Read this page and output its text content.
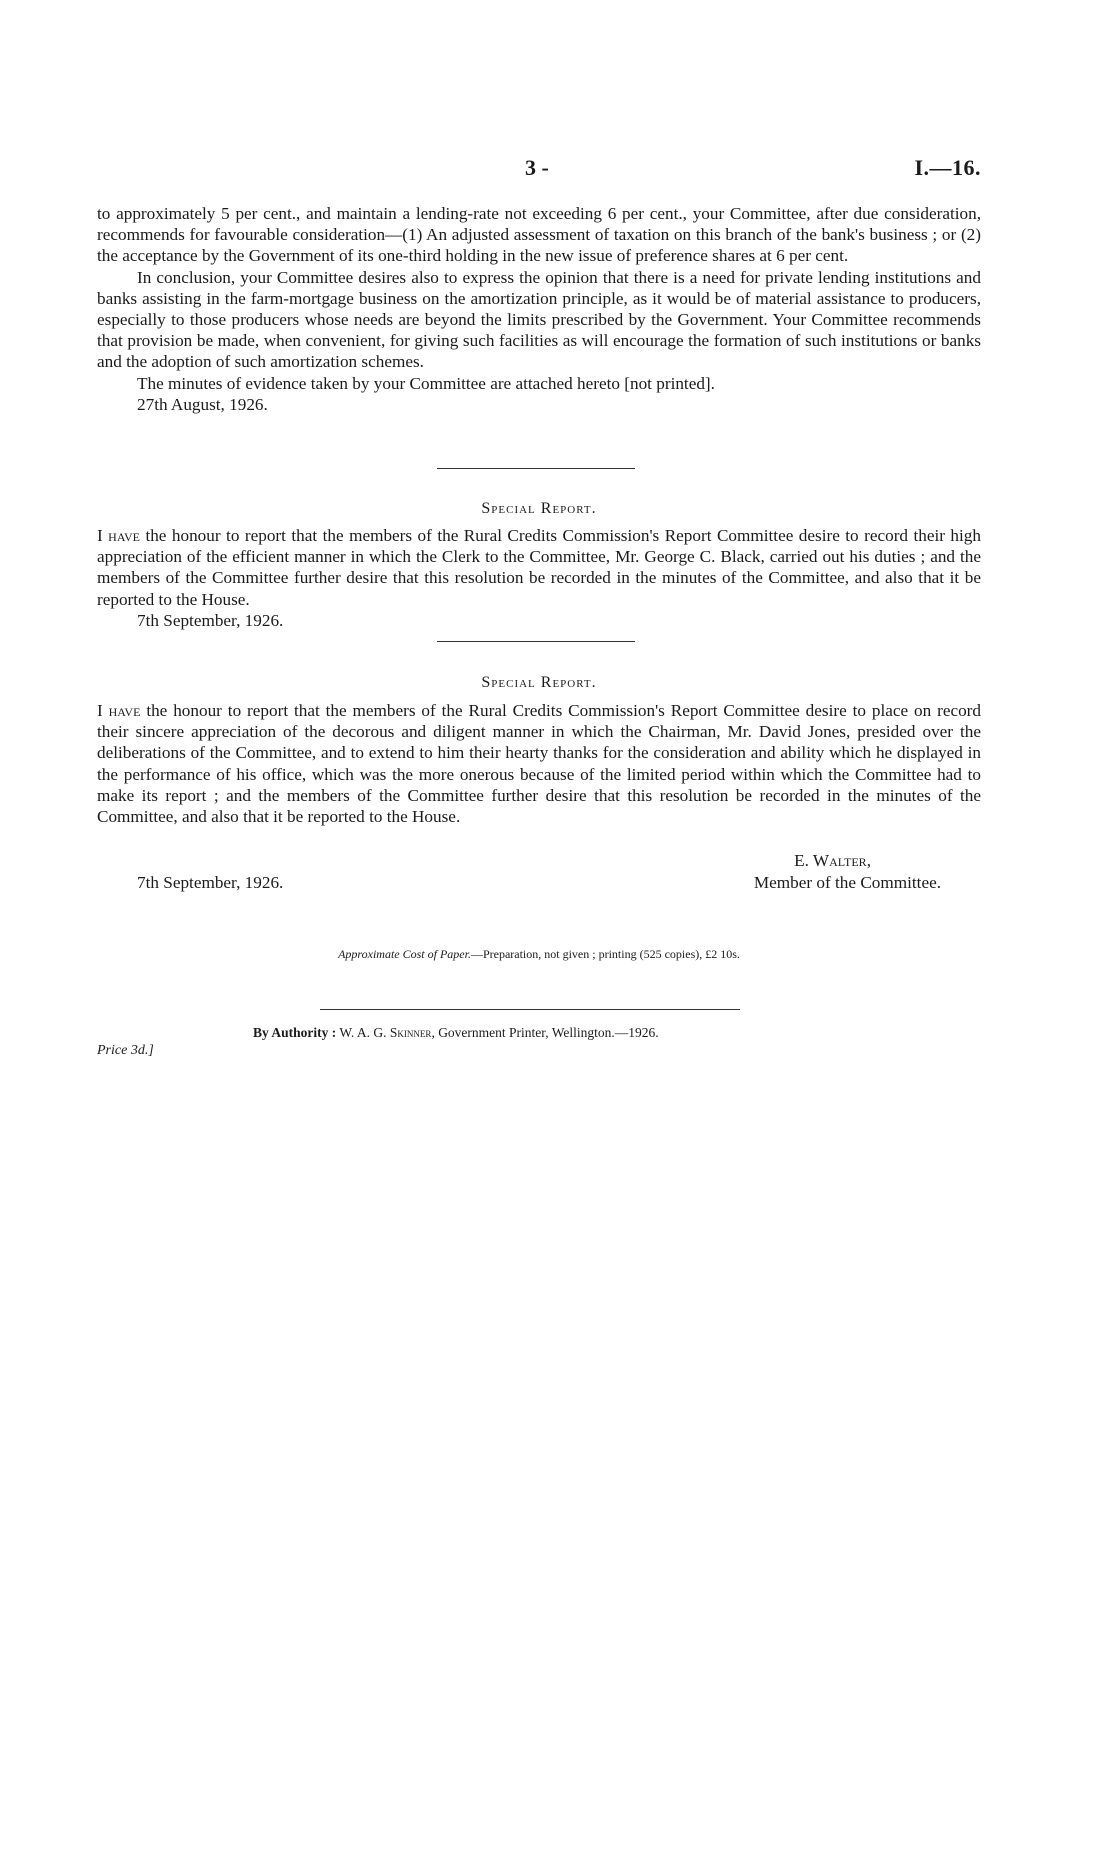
3 -	I.—16.

to approximately 5 per cent., and maintain a lending-rate not exceeding 6 per cent., your Committee, after due consideration, recommends for favourable consideration—(1) An adjusted assessment of taxation on this branch of the bank's business ; or (2) the acceptance by the Government of its one-third holding in the new issue of preference shares at 6 per cent.

In conclusion, your Committee desires also to express the opinion that there is a need for private lending institutions and banks assisting in the farm-mortgage business on the amortization principle, as it would be of material assistance to producers, especially to those producers whose needs are beyond the limits prescribed by the Government. Your Committee recommends that provision be made, when convenient, for giving such facilities as will encourage the formation of such institutions or banks and the adoption of such amortization schemes.

The minutes of evidence taken by your Committee are attached hereto [not printed].

27th August, 1926.

Special Report.

I have the honour to report that the members of the Rural Credits Commission's Report Committee desire to record their high appreciation of the efficient manner in which the Clerk to the Committee, Mr. George C. Black, carried out his duties ; and the members of the Committee further desire that this resolution be recorded in the minutes of the Committee, and also that it be reported to the House.

7th September, 1926.

Special Report.

I have the honour to report that the members of the Rural Credits Commission's Report Committee desire to place on record their sincere appreciation of the decorous and diligent manner in which the Chairman, Mr. David Jones, presided over the deliberations of the Committee, and to extend to him their hearty thanks for the consideration and ability which he displayed in the performance of his office, which was the more onerous because of the limited period within which the Committee had to make its report ; and the members of the Committee further desire that this resolution be recorded in the minutes of the Committee, and also that it be reported to the House.

E. Walter,
7th September, 1926.	Member of the Committee.
Approximate Cost of Paper.—Preparation, not given ; printing (525 copies), £2 10s.
By Authority : W. A. G. Skinner, Government Printer, Wellington.—1926.
Price 3d.]
